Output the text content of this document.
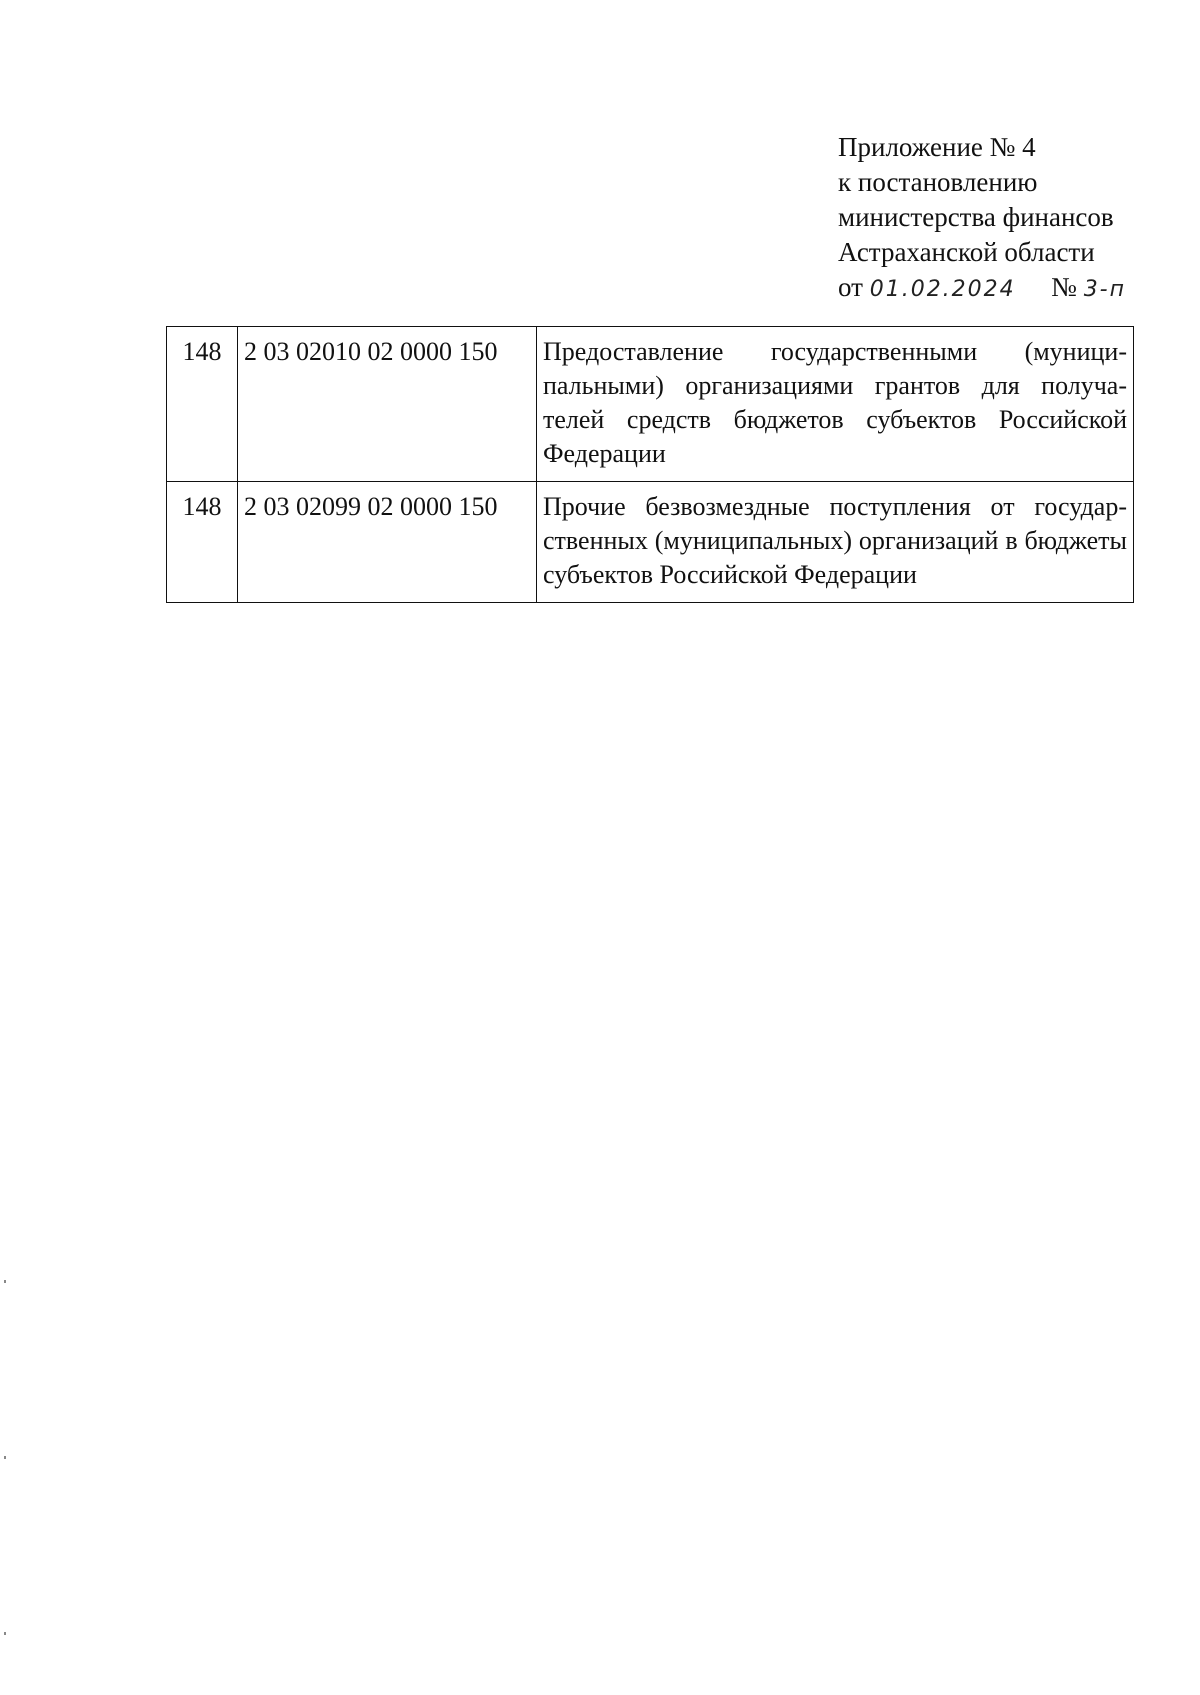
Приложение № 4
к постановлению
министерства финансов
Астраханской области
от 01.02.2024 № 3-п
148	2 03 02010 02 0000 150	Предоставление государственными (муници-пальными) организациями грантов для получа-телей средств бюджетов субъектов Российской Федерации
148	2 03 02099 02 0000 150	Прочие безвозмездные поступления от государ-ственных (муниципальных) организаций в бюджеты субъектов Российской Федерации
